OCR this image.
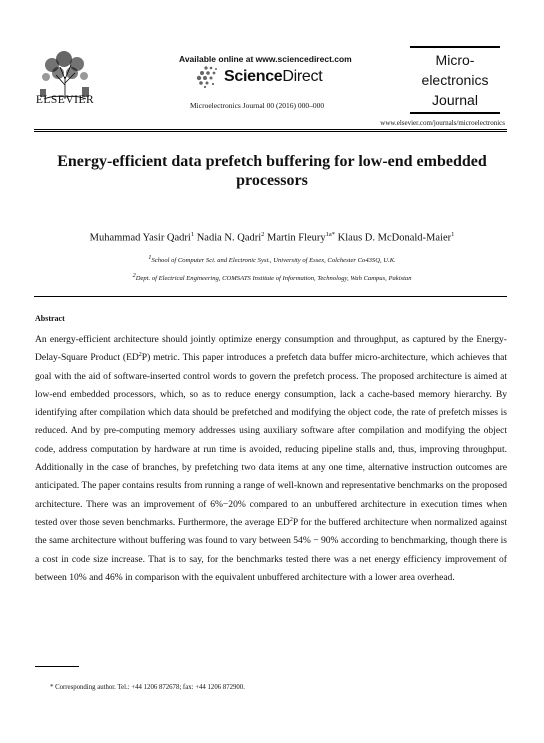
ELSEVIER
Available online at www.sciencedirect.com
ScienceDirect
Microelectronics Journal 00 (2016) 000–000
Micro-
electronics
Journal
www.elsevier.com/journals/microelectronics
Energy-efficient data prefetch buffering for low-end embedded processors
Muhammad Yasir Qadri$^1$ Nadia N. Qadri$^2$ Martin Fleury$^{1a*}$ Klaus D. McDonald-Maier$^1$
$^1$School of Computer Sci. and Electronic Syst., University of Essex, Colchester Co43SQ, U.K.
$^2$Dept. of Electrical Engineering, COMSATS Institute of Information, Technology, Wah Campus, Pakistan
Abstract
An energy-efficient architecture should jointly optimize energy consumption and throughput, as captured by the Energy-Delay-Square Product $(ED^2P)$ metric. This paper introduces a prefetch data buffer micro-architecture, which achieves that goal with the aid of software-inserted control words to govern the prefetch process. The proposed architecture is aimed at low-end embedded processors, which, so as to reduce energy consumption, lack a cache-based memory hierarchy. By identifying after compilation which data should be prefetched and modifying the object code, the rate of prefetch misses is reduced. And by pre-computing memory addresses using auxiliary software after compilation and modifying the object code, address computation by hardware at run time is avoided, reducing pipeline stalls and, thus, improving throughput. Additionally in the case of branches, by prefetching two data items at any one time, alternative instruction outcomes are anticipated. The paper contains results from running a range of well-known and representative benchmarks on the proposed architecture. There was an improvement of 6%−20% compared to an unbuffered architecture in execution times when tested over those seven benchmarks. Furthermore, the average $ED^2P$ for the buffered architecture when normalized against the same architecture without buffering was found to vary between 54% − 90% according to benchmarking, though there is a cost in code size increase. That is to say, for the benchmarks tested there was a net energy efficiency improvement of between 10% and 46% in comparison with the equivalent unbuffered architecture with a lower area overhead.
* Corresponding author. Tel.: +44 1206 872678; fax: +44 1206 872900.
